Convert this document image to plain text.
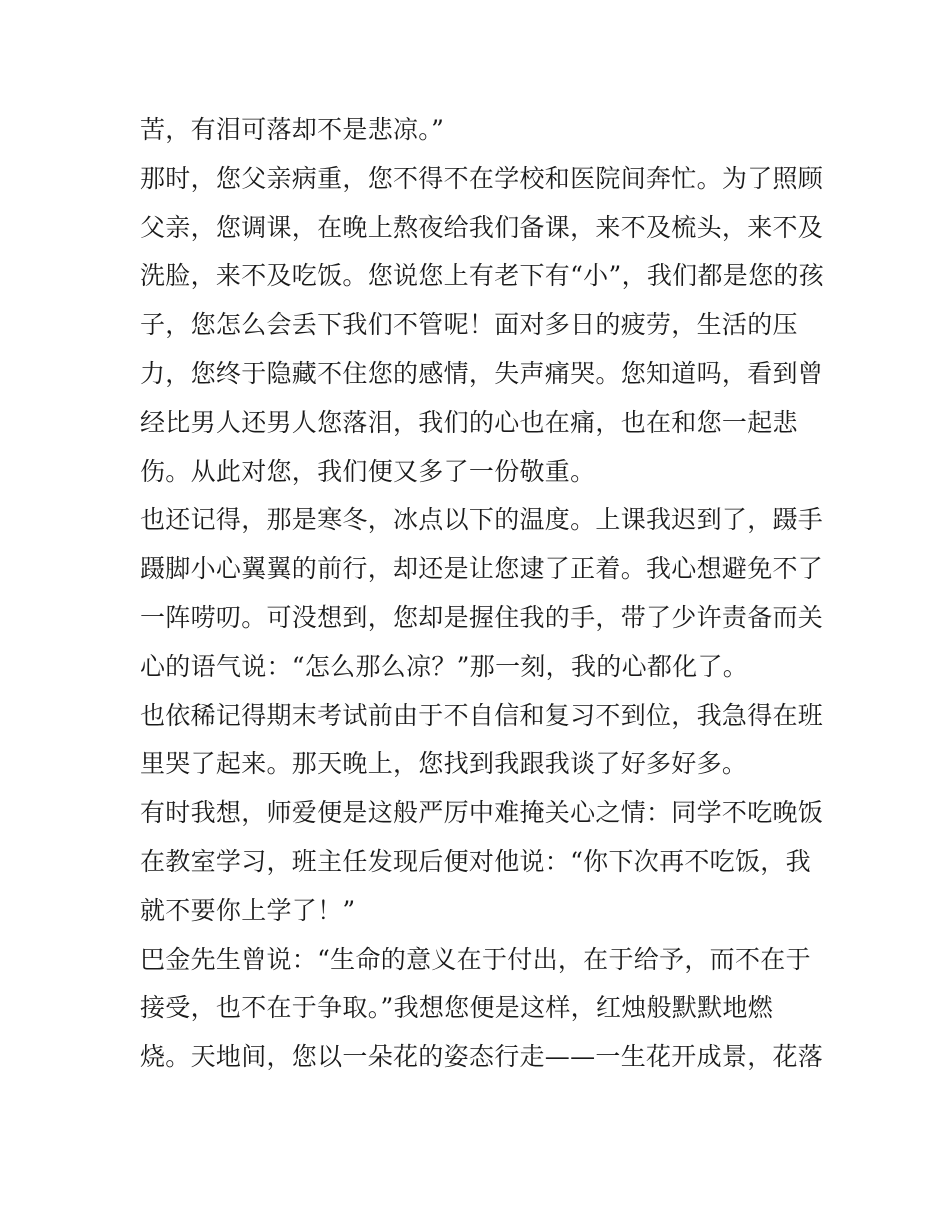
苦，有泪可落却不是悲凉。”
那时，您父亲病重，您不得不在学校和医院间奔忙。为了照顾
父亲，您调课，在晚上熬夜给我们备课，来不及梳头，来不及
洗脸，来不及吃饭。您说您上有老下有“小”，我们都是您的孩
子，您怎么会丢下我们不管呢！面对多日的疲劳，生活的压
力，您终于隐藏不住您的感情，失声痛哭。您知道吗，看到曾
经比男人还男人您落泪，我们的心也在痛，也在和您一起悲
伤。从此对您，我们便又多了一份敬重。
也还记得，那是寒冬，冰点以下的温度。上课我迟到了，蹑手
蹑脚小心翼翼的前行，却还是让您逮了正着。我心想避免不了
一阵唠叨。可没想到，您却是握住我的手，带了少许责备而关
心的语气说：“怎么那么凉？”那一刻，我的心都化了。
也依稀记得期末考试前由于不自信和复习不到位，我急得在班
里哭了起来。那天晚上，您找到我跟我谈了好多好多。
有时我想，师爱便是这般严厉中难掩关心之情：同学不吃晚饭
在教室学习，班主任发现后便对他说：“你下次再不吃饭，我
就不要你上学了！”
巴金先生曾说：“生命的意义在于付出，在于给予，而不在于
接受，也不在于争取。”我想您便是这样，红烛般默默地燃
烧。天地间，您以一朵花的姿态行走——一生花开成景，花落
